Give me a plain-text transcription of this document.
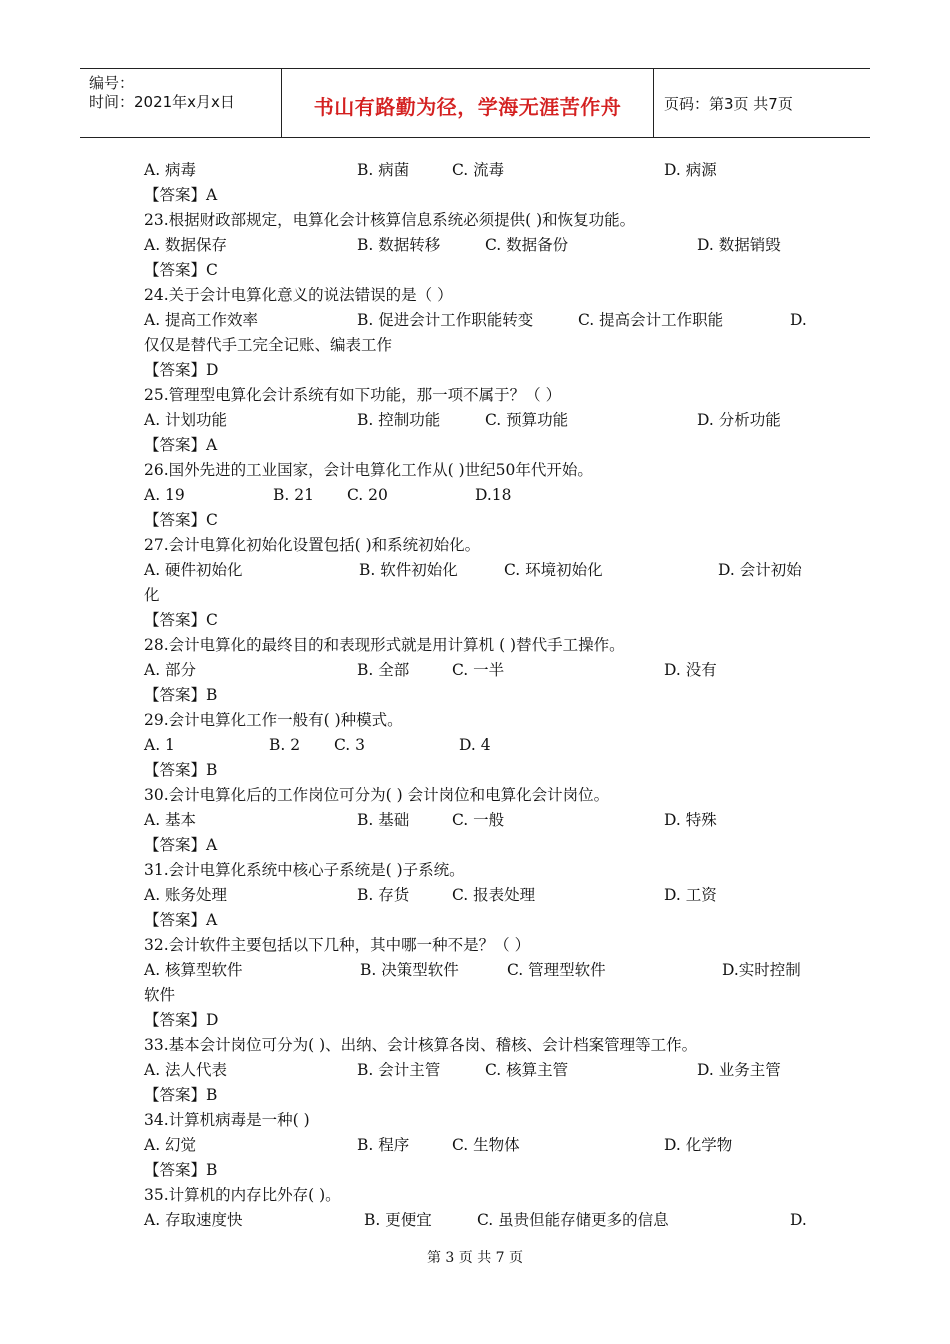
编号：
时间：2021年x月x日	书山有路勤为径，学海无涯苦作舟	页码：第3页 共7页
A. 病毒	B. 病菌	C. 流毒	D. 病源
【答案】A
23.根据财政部规定，电算化会计核算信息系统必须提供( )和恢复功能。
A. 数据保存	B. 数据转移	C. 数据备份	D. 数据销毁
【答案】C
24.关于会计电算化意义的说法错误的是（ ）
A. 提高工作效率	B. 促进会计工作职能转变	C. 提高会计工作职能	D.
仅仅是替代手工完全记账、编表工作
【答案】D
25.管理型电算化会计系统有如下功能，那一项不属于？（ ）
A. 计划功能	B. 控制功能	C. 预算功能	D. 分析功能
【答案】A
26.国外先进的工业国家，会计电算化工作从( )世纪50年代开始。
A. 19	B. 21 C. 20	D.18
【答案】C
27.会计电算化初始化设置包括( )和系统初始化。
A. 硬件初始化	B. 软件初始化	C. 环境初始化	D. 会计初始
化
【答案】C
28.会计电算化的最终目的和表现形式就是用计算机 ( )替代手工操作。
A. 部分	B. 全部	C. 一半	D. 没有
【答案】B
29.会计电算化工作一般有( )种模式。
A. 1	B. 2 C. 3	D. 4
【答案】B
30.会计电算化后的工作岗位可分为( ) 会计岗位和电算化会计岗位。
A. 基本	B. 基础	C. 一般	D. 特殊
【答案】A
31.会计电算化系统中核心子系统是( )子系统。
A. 账务处理	B. 存货	C. 报表处理	D. 工资
【答案】A
32.会计软件主要包括以下几种，其中哪一种不是？（ ）
A. 核算型软件	B. 决策型软件	C. 管理型软件	D.实时控制
软件
【答案】D
33.基本会计岗位可分为( )、出纳、会计核算各岗、稽核、会计档案管理等工作。
A. 法人代表	B. 会计主管	C. 核算主管	D. 业务主管
【答案】B
34.计算机病毒是一种( )
A. 幻觉	B. 程序	C. 生物体	D. 化学物
【答案】B
35.计算机的内存比外存( )。
A. 存取速度快	B. 更便宜	C. 虽贵但能存储更多的信息	D.
第 3 页 共 7 页
